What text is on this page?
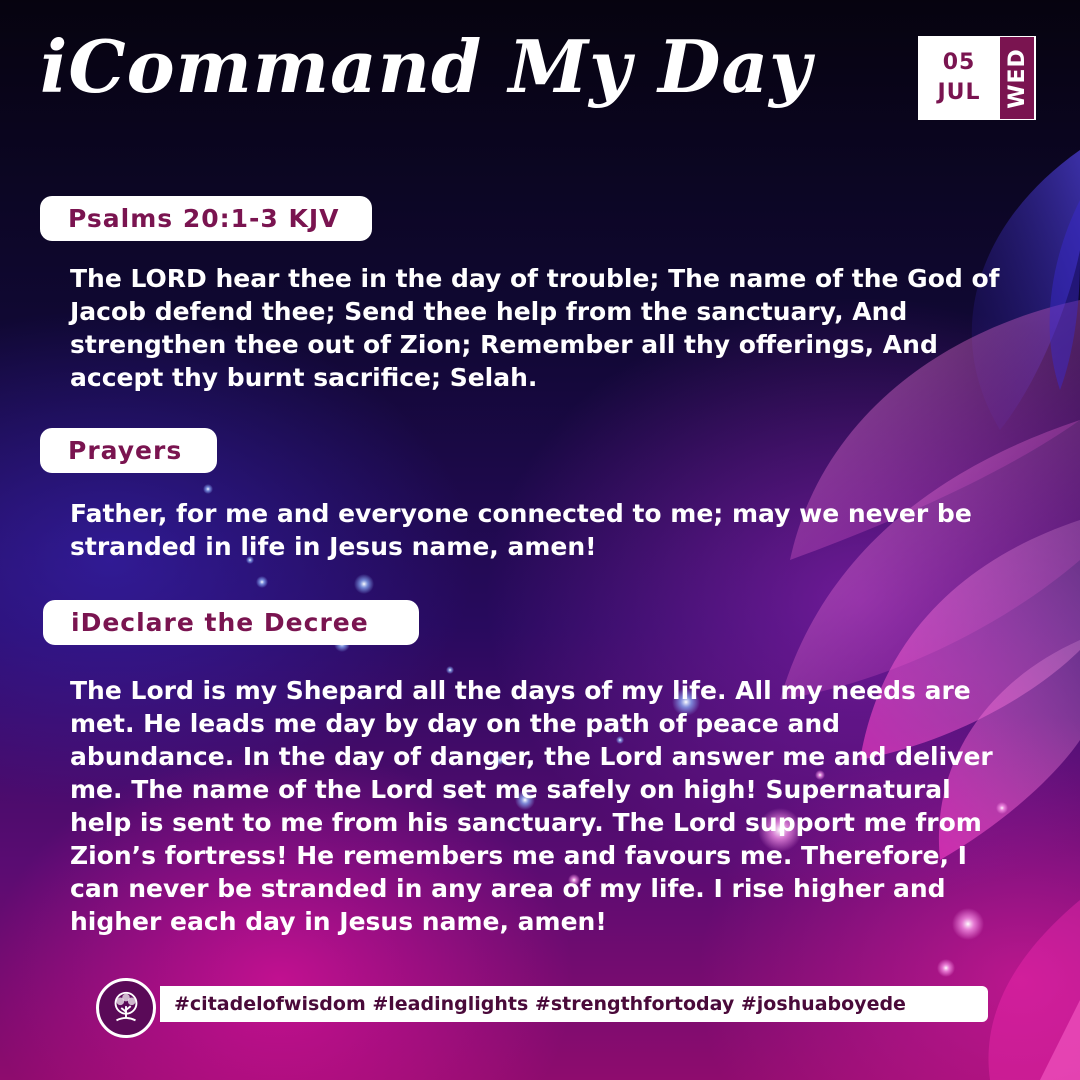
iCommand My Day	05
JUL WED
Psalms 20:1-3 KJV
The LORD hear thee in the day of trouble; The name of the God of Jacob defend thee; Send thee help from the sanctuary, And strengthen thee out of Zion; Remember all thy offerings, And accept thy burnt sacrifice; Selah.
Prayers
Father, for me and everyone connected to me; may we never be stranded in life in Jesus name, amen!
iDeclare the Decree
The Lord is my Shepard all the days of my life. All my needs are met. He leads me day by day on the path of peace and abundance. In the day of danger, the Lord answer me and deliver me. The name of the Lord set me safely on high! Supernatural help is sent to me from his sanctuary. The Lord support me from Zion’s fortress! He remembers me and favours me. Therefore, I can never be stranded in any area of my life. I rise higher and higher each day in Jesus name, amen!
#citadelofwisdom #leadinglights #strengthfortoday #joshuaboyede
